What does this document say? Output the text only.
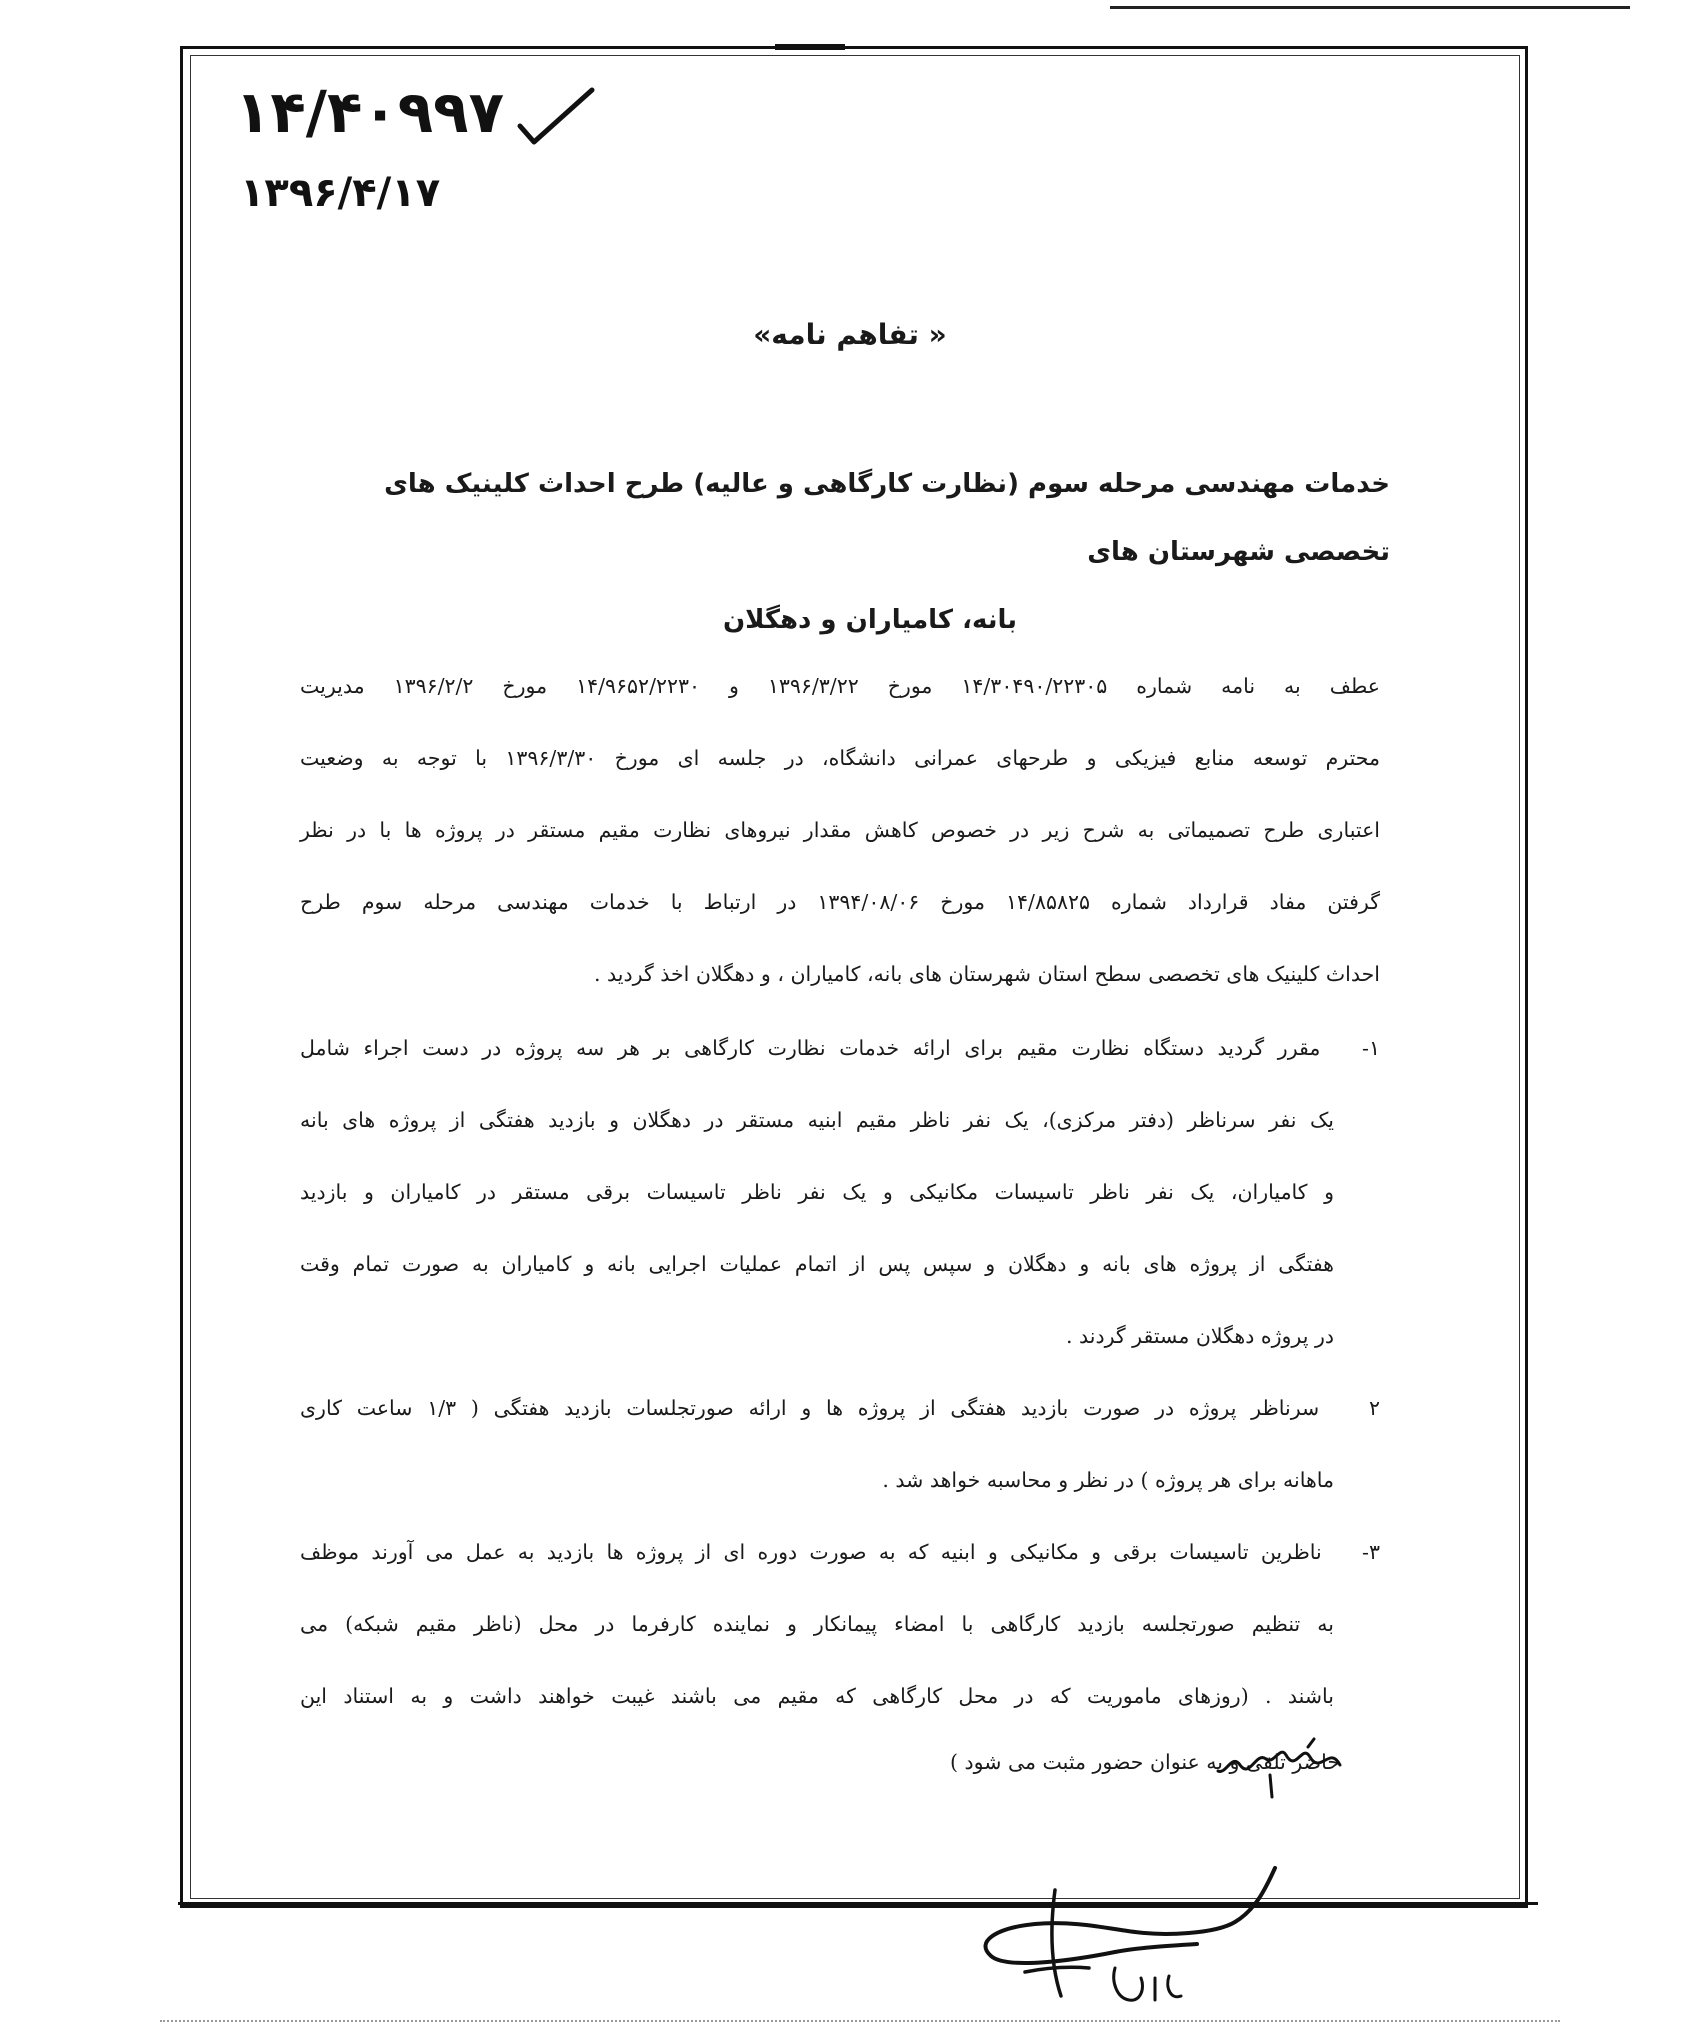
۱۴/۴۰۹۹۷
۱۳۹۶/۴/۱۷
« تفاهم نامه»
خدمات مهندسی مرحله سوم (نظارت کارگاهی و عالیه) طرح احداث کلینیک های تخصصی شهرستان های
بانه، کامیاران و دهگلان
عطف به نامه شماره ۱۴/۳۰۴۹۰/۲۲۳۰۵ مورخ ۱۳۹۶/۳/۲۲ و ۱۴/۹۶۵۲/۲۲۳۰ مورخ ۱۳۹۶/۲/۲ مدیریت
محترم توسعه منابع فیزیکی و طرحهای عمرانی دانشگاه، در جلسه ای مورخ ۱۳۹۶/۳/۳۰ با توجه به وضعیت
اعتباری طرح تصمیماتی به شرح زیر در خصوص کاهش مقدار نیروهای نظارت مقیم مستقر در پروژه ها با در نظر
گرفتن مفاد قرارداد شماره ۱۴/۸۵۸۲۵ مورخ ۱۳۹۴/۰۸/۰۶ در ارتباط با خدمات مهندسی مرحله سوم طرح
احداث کلینیک های تخصصی سطح استان شهرستان های بانه، کامیاران ، و دهگلان اخذ گردید .
۱- مقرر گردید دستگاه نظارت مقیم برای ارائه خدمات نظارت کارگاهی بر هر سه پروژه در دست اجراء شامل
یک نفر سرناظر (دفتر مرکزی)، یک نفر ناظر مقیم ابنیه مستقر در دهگلان و بازدید هفتگی از پروژه های بانه
و کامیاران، یک نفر ناظر تاسیسات مکانیکی و یک نفر ناظر تاسیسات برقی مستقر در کامیاران و بازدید
هفتگی از پروژه های بانه و دهگلان و سپس پس از اتمام عملیات اجرایی بانه و کامیاران به صورت تمام وقت
در پروژه دهگلان مستقر گردند .
۲ سرناظر پروژه در صورت بازدید هفتگی از پروژه ها و ارائه صورتجلسات بازدید هفتگی ( ۱/۳ ساعت کاری
ماهانه برای هر پروژه ) در نظر و محاسبه خواهد شد .
۳- ناظرین تاسیسات برقی و مکانیکی و ابنیه که به صورت دوره ای از پروژه ها بازدید به عمل می آورند موظف
به تنظیم صورتجلسه بازدید کارگاهی با امضاء پیمانکار و نماینده کارفرما در محل (ناظر مقیم شبکه) می
باشند . (روزهای ماموریت که در محل کارگاهی که مقیم می باشند غیبت خواهند داشت و به استناد این
حاضر تلقی و به عنوان حضور مثبت می شود )
